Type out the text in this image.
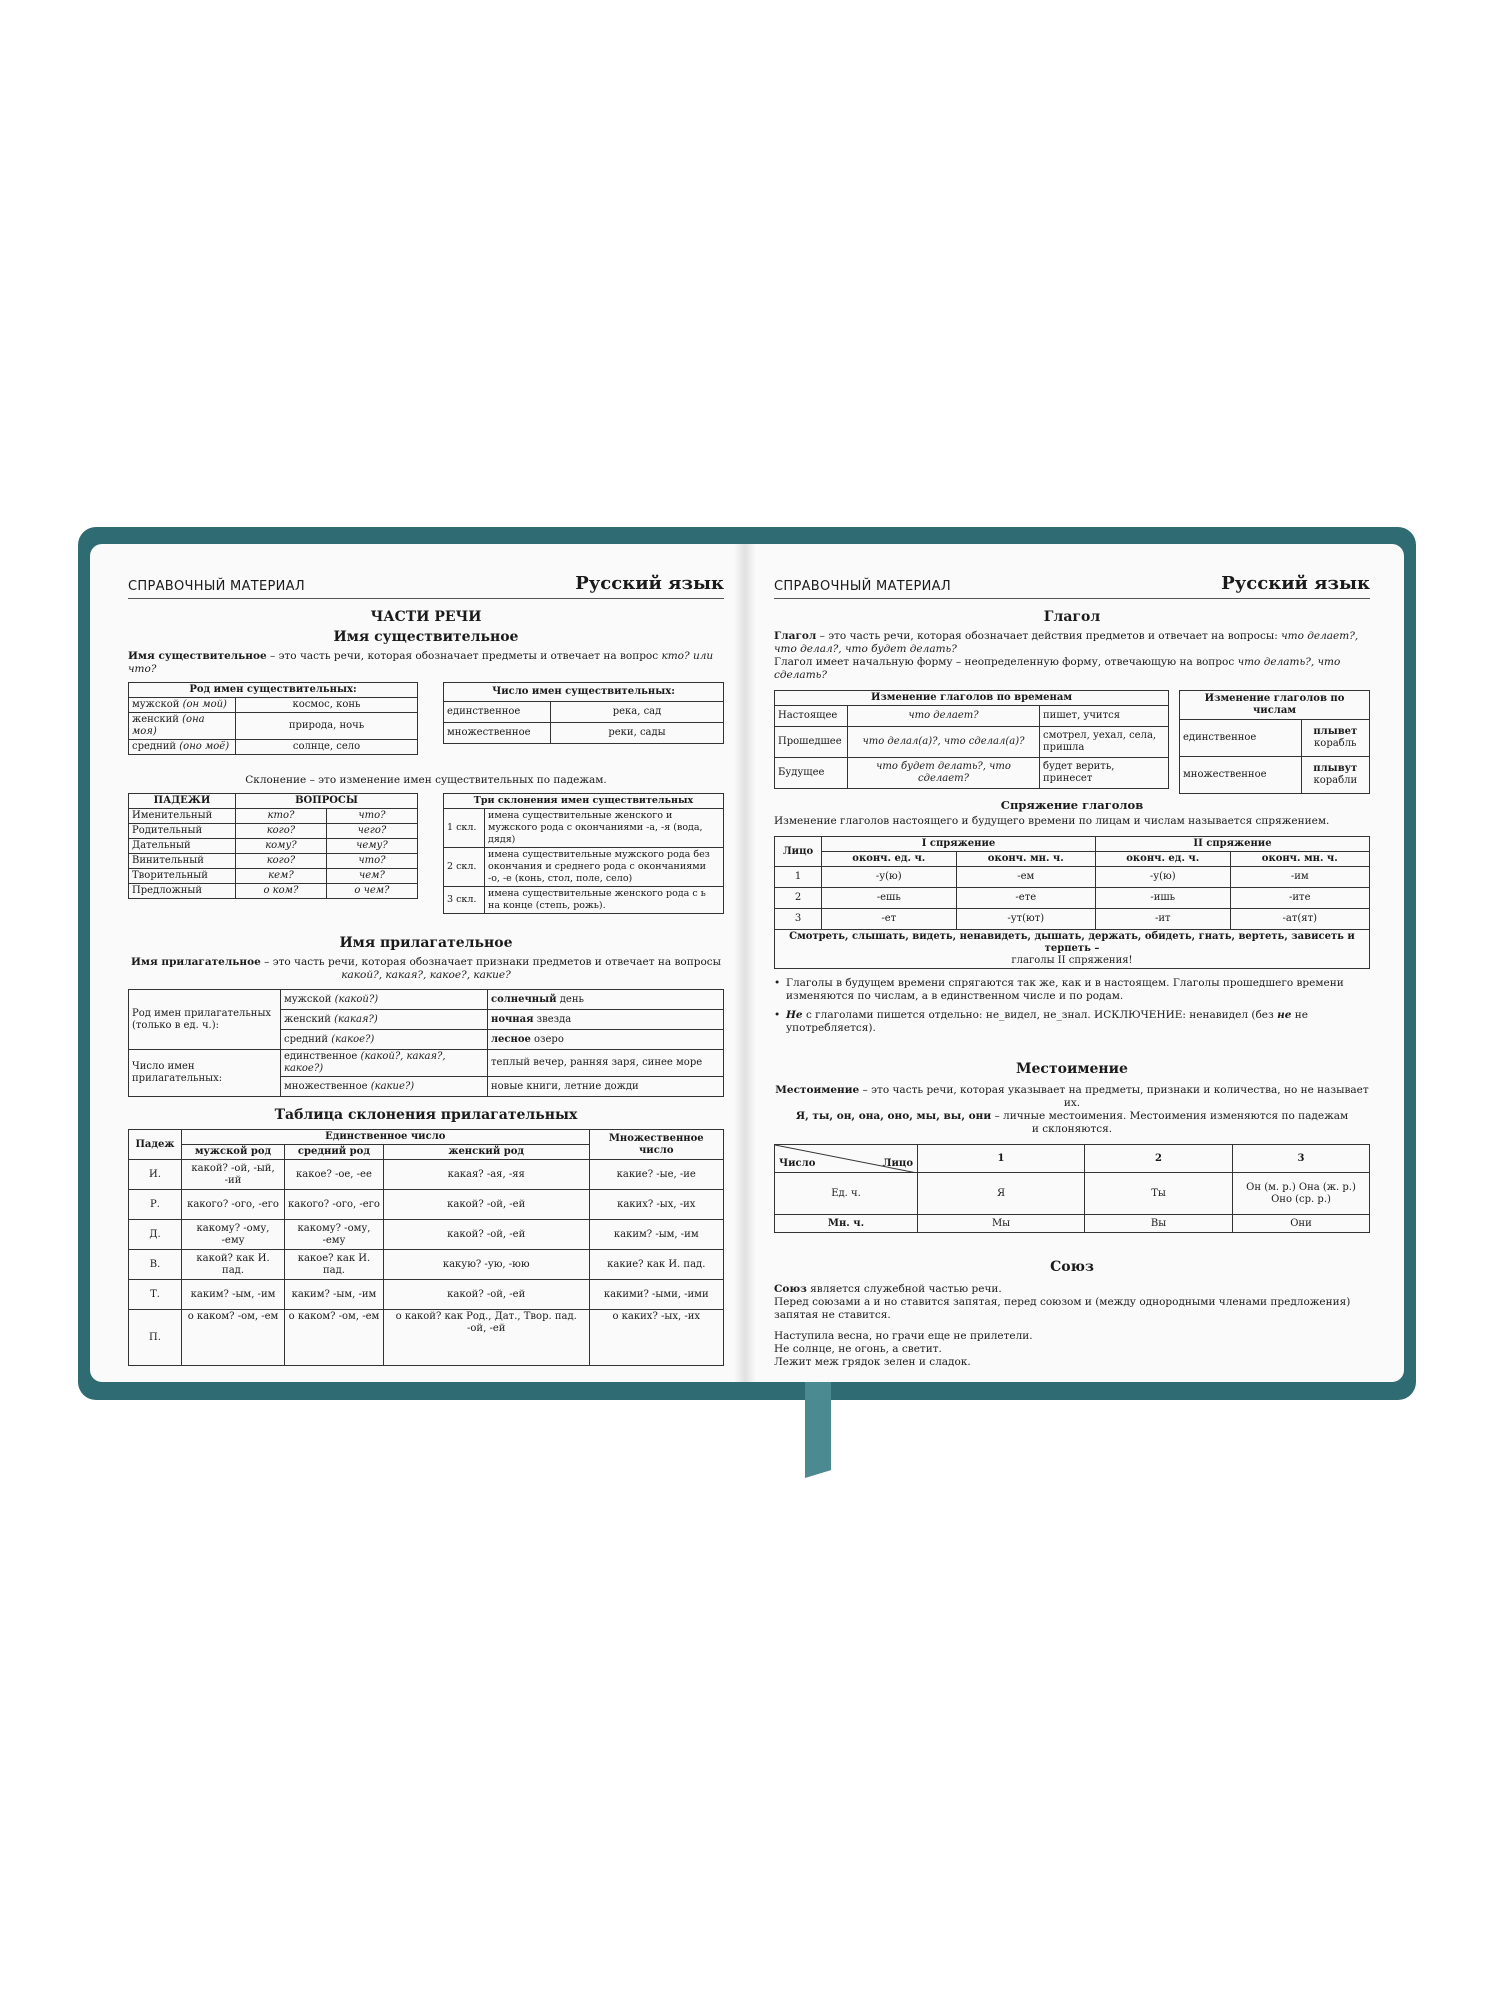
СПРАВОЧНЫЙ МАТЕРИАЛ	Русский язык
ЧАСТИ РЕЧИ
Имя существительное

Имя существительное – это часть речи, которая обозначает предметы и отвечает на вопрос кто? или что?

Род имен существительных:	
мужской (он мой)	космос, конь
женский (она моя)	природа, ночь
средний (оно моё)	солнце, село
Число имен существительных:	
единственное	река, сад
множественное	реки, сады

Склонение – это изменение имен существительных по падежам.

ПАДЕЖИ	ВОПРОСЫ	
Именительный	кто?	что?
Родительный	кого?	чего?
Дательный	кому?	чему?
Винительный	кого?	что?
Творительный	кем?	чем?
Предложный	о ком?	о чем?
Три склонения имен существительных	
1 скл.	имена существительные женского и мужского рода с окончаниями -а, -я (вода, дядя)
2 скл.	имена существительные мужского рода без окончания и среднего рода с окончаниями -о, -е (конь, стол, поле, село)
3 скл.	имена существительные женского рода с ь на конце (степь, рожь).
Имя прилагательное

Имя прилагательное – это часть речи, которая обозначает признаки предметов и отвечает на вопросы
какой?, какая?, какое?, какие?

Род имен прилагательных (только в ед. ч.):	мужской (какой?)	солнечный день
	женский (какая?)	ночная звезда
	средний (какое?)	лесное озеро
Число имен прилагательных:	единственное (какой?, какая?, какое?)	теплый вечер, ранняя заря, синее море
	множественное (какие?)	новые книги, летние дожди
Таблица склонения прилагательных
Падеж	Единственное число			Множественное число
	мужской род	средний род	женский род	
И.	какой? -ой, -ый, -ий	какое? -ое, -ее	какая? -ая, -яя	какие? -ые, -ие
Р.	какого? -ого, -его	какого? -ого, -его	какой? -ой, -ей	каких? -ых, -их
Д.	какому? -ому, -ему	какому? -ому, -ему	какой? -ой, -ей	каким? -ым, -им
В.	какой? как И. пад.	какое? как И. пад.	какую? -ую, -юю	какие? как И. пад.
Т.	каким? -ым, -им	каким? -ым, -им	какой? -ой, -ей	какими? -ыми, -ими
П.	о каком? -ом, -ем	о каком? -ом, -ем	о какой? как Род., Дат., Твор. пад. -ой, -ей	о каких? -ых, -их
СПРАВОЧНЫЙ МАТЕРИАЛ	Русский язык
Глагол

Глагол – это часть речи, которая обозначает действия предметов и отвечает на вопросы: что делает?, что делал?, что будет делать?

Глагол имеет начальную форму – неопределенную форму, отвечающую на вопрос что делать?, что сделать?

Изменение глаголов по временам		
Настоящее	что делает?	пишет, учится
Прошедшее	что делал(а)?, что сделал(а)?	смотрел, уехал, села, пришла
Будущее	что будет делать?, что сделает?	будет верить, принесет
Изменение глаголов по числам	
единственное	плывет
корабль
множественное	плывут
корабли
Спряжение глаголов

Изменение глаголов настоящего и будущего времени по лицам и числам называется спряжением.

Лицо	I спряжение		II спряжение	
	оконч. ед. ч.	оконч. мн. ч.	оконч. ед. ч.	оконч. мн. ч.
1	-у(ю)	-ем	-у(ю)	-им
2	-ешь	-ете	-ишь	-ите
3	-ет	-ут(ют)	-ит	-ат(ят)
Смотреть, слышать, видеть, ненавидеть, дышать, держать, обидеть, гнать, вертеть, зависеть и терпеть –
глаголы II спряжения!				

• Глаголы в будущем времени спрягаются так же, как и в настоящем. Глаголы прошедшего времени изменяются по числам, а в единственном числе и по родам.

• Не с глаголами пишется отдельно: не_видел, не_знал. ИСКЛЮЧЕНИЕ: ненавидел (без не не употребляется).

Местоимение

Местоимение – это часть речи, которая указывает на предметы, признаки и количества, но не называет их.
Я, ты, он, она, оно, мы, вы, они – личные местоимения. Местоимения изменяются по падежам
и склоняются.

Число Лицо	1	2	3
Ед. ч.	Я	Ты	Он (м. р.) Она (ж. р.) Оно (ср. р.)
Мн. ч.	Мы	Вы	Они
Союз

Союз является служебной частью речи.

Перед союзами а и но ставится запятая, перед союзом и (между однородными членами предложения)

запятая не ставится.

Наступила весна, но грачи еще не прилетели.

Не солнце, не огонь, а светит.

Лежит меж грядок зелен и сладок.
